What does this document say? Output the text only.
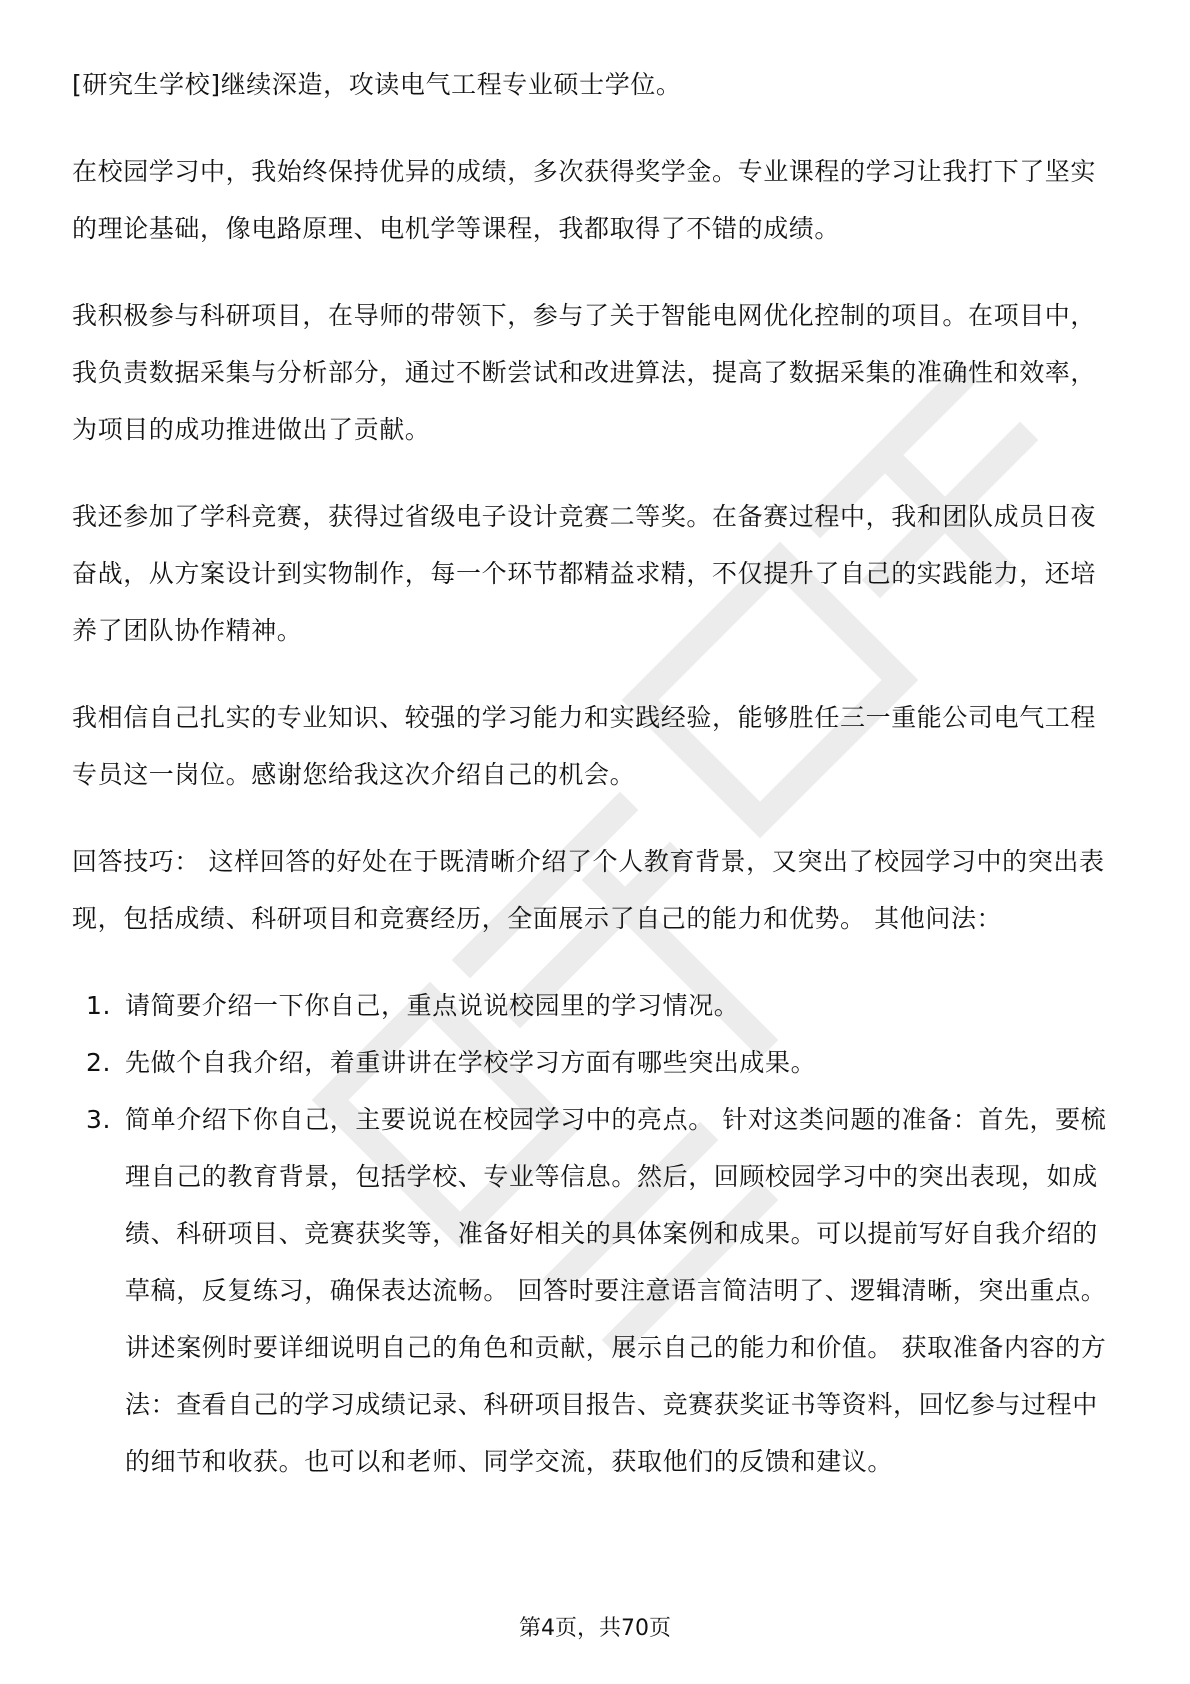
[研究生学校]继续深造，攻读电气工程专业硕士学位。

在校园学习中，我始终保持优异的成绩，多次获得奖学金。专业课程的学习让我打下了坚实的理论基础，像电路原理、电机学等课程，我都取得了不错的成绩。

我积极参与科研项目，在导师的带领下，参与了关于智能电网优化控制的项目。在项目中，我负责数据采集与分析部分，通过不断尝试和改进算法，提高了数据采集的准确性和效率，为项目的成功推进做出了贡献。

我还参加了学科竞赛，获得过省级电子设计竞赛二等奖。在备赛过程中，我和团队成员日夜奋战，从方案设计到实物制作，每一个环节都精益求精，不仅提升了自己的实践能力，还培养了团队协作精神。

我相信自己扎实的专业知识、较强的学习能力和实践经验，能够胜任三一重能公司电气工程专员这一岗位。感谢您给我这次介绍自己的机会。

回答技巧： 这样回答的好处在于既清晰介绍了个人教育背景，又突出了校园学习中的突出表现，包括成绩、科研项目和竞赛经历，全面展示了自己的能力和优势。 其他问法：

1. 请简要介绍一下你自己，重点说说校园里的学习情况。
2. 先做个自我介绍，着重讲讲在学校学习方面有哪些突出成果。
3. 简单介绍下你自己，主要说说在校园学习中的亮点。 针对这类问题的准备：首先，要梳理自己的教育背景，包括学校、专业等信息。然后，回顾校园学习中的突出表现，如成绩、科研项目、竞赛获奖等，准备好相关的具体案例和成果。可以提前写好自我介绍的草稿，反复练习，确保表达流畅。 回答时要注意语言简洁明了、逻辑清晰，突出重点。讲述案例时要详细说明自己的角色和贡献，展示自己的能力和价值。 获取准备内容的方法：查看自己的学习成绩记录、科研项目报告、竞赛获奖证书等资料，回忆参与过程中的细节和收获。也可以和老师、同学交流，获取他们的反馈和建议。
第4页，共70页
